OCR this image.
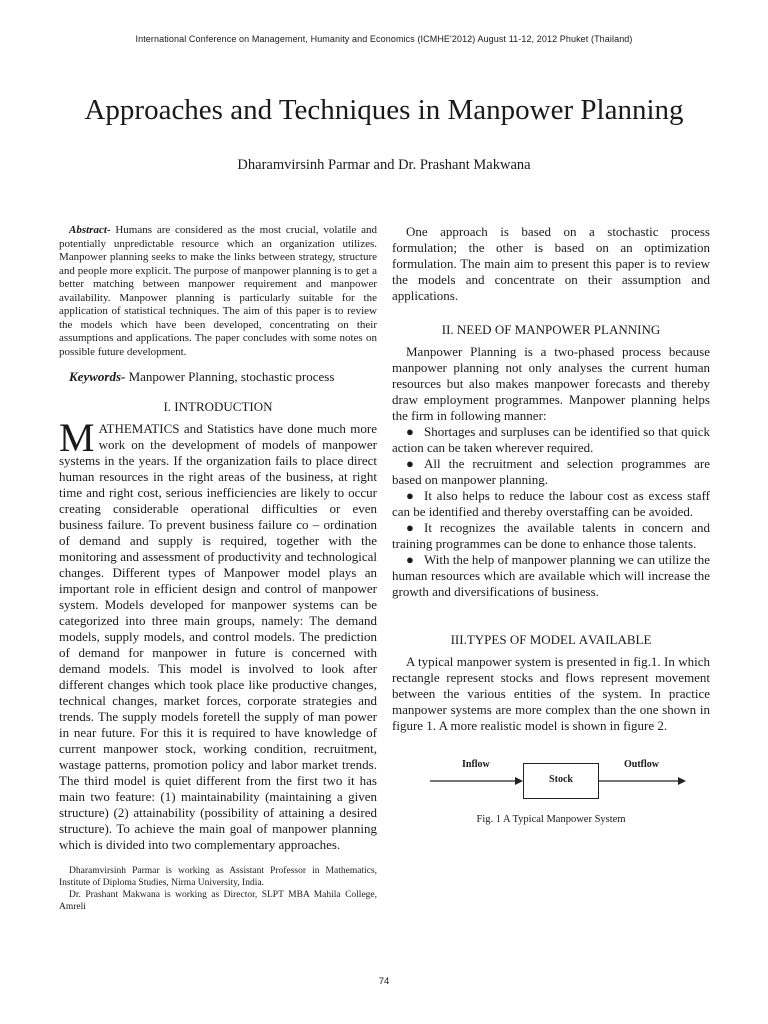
International Conference on Management, Humanity and Economics (ICMHE'2012) August 11-12, 2012 Phuket (Thailand)
Approaches and Techniques in Manpower Planning
Dharamvirsinh Parmar and Dr. Prashant Makwana

Abstract- Humans are considered as the most crucial, volatile and potentially unpredictable resource which an organization utilizes. Manpower planning seeks to make the links between strategy, structure and people more explicit. The purpose of manpower planning is to get a better matching between manpower requirement and manpower availability. Manpower planning is particularly suitable for the application of statistical techniques. The aim of this paper is to review the models which have been developed, concentrating on their assumptions and applications. The paper concludes with some notes on possible future development.

Keywords- Manpower Planning, stochastic process

I. INTRODUCTION

MATHEMATICS and Statistics have done much more work on the development of models of manpower systems in the years. If the organization fails to place direct human resources in the right areas of the business, at right time and right cost, serious inefficiencies are likely to occur creating considerable operational difficulties or even business failure. To prevent business failure co – ordination of demand and supply is required, together with the monitoring and assessment of productivity and technological changes. Different types of Manpower model plays an important role in efficient design and control of manpower system. Models developed for manpower systems can be categorized into three main groups, namely: The demand models, supply models, and control models. The prediction of demand for manpower in future is concerned with demand models. This model is involved to look after different changes which took place like productive changes, technical changes, market forces, corporate strategies and trends. The supply models foretell the supply of man power in near future. For this it is required to have knowledge of current manpower stock, working condition, recruitment, wastage patterns, promotion policy and labor market trends. The third model is quiet different from the first two it has main two feature: (1) maintainability (maintaining a given structure) (2) attainability (possibility of attaining a desired structure). To achieve the main goal of manpower planning which is divided into two complementary approaches.

One approach is based on a stochastic process formulation; the other is based on an optimization formulation. The main aim to present this paper is to review the models and concentrate on their assumption and applications.

II. NEED OF MANPOWER PLANNING

Manpower Planning is a two-phased process because manpower planning not only analyses the current human resources but also makes manpower forecasts and thereby draw employment programmes. Manpower planning helps the firm in following manner:

● Shortages and surpluses can be identified so that quick action can be taken wherever required.

● All the recruitment and selection programmes are based on manpower planning.

● It also helps to reduce the labour cost as excess staff can be identified and thereby overstaffing can be avoided.

● It recognizes the available talents in concern and training programmes can be done to enhance those talents.

● With the help of manpower planning we can utilize the human resources which are available which will increase the growth and diversifications of business.

III.TYPES OF MODEL AVAILABLE

A typical manpower system is presented in fig.1. In which rectangle represent stocks and flows represent movement between the various entities of the system. In practice manpower systems are more complex than the one shown in figure 1. A more realistic model is shown in figure 2.

Inflow	Outflow
Stock
Fig. 1 A Typical Manpower System

Dharamvirsinh Parmar is working as Assistant Professor in Mathematics, Institute of Diploma Studies, Nirma University, India.

Dr. Prashant Makwana is working as Director, SLPT MBA Mahila College, Amreli

74
